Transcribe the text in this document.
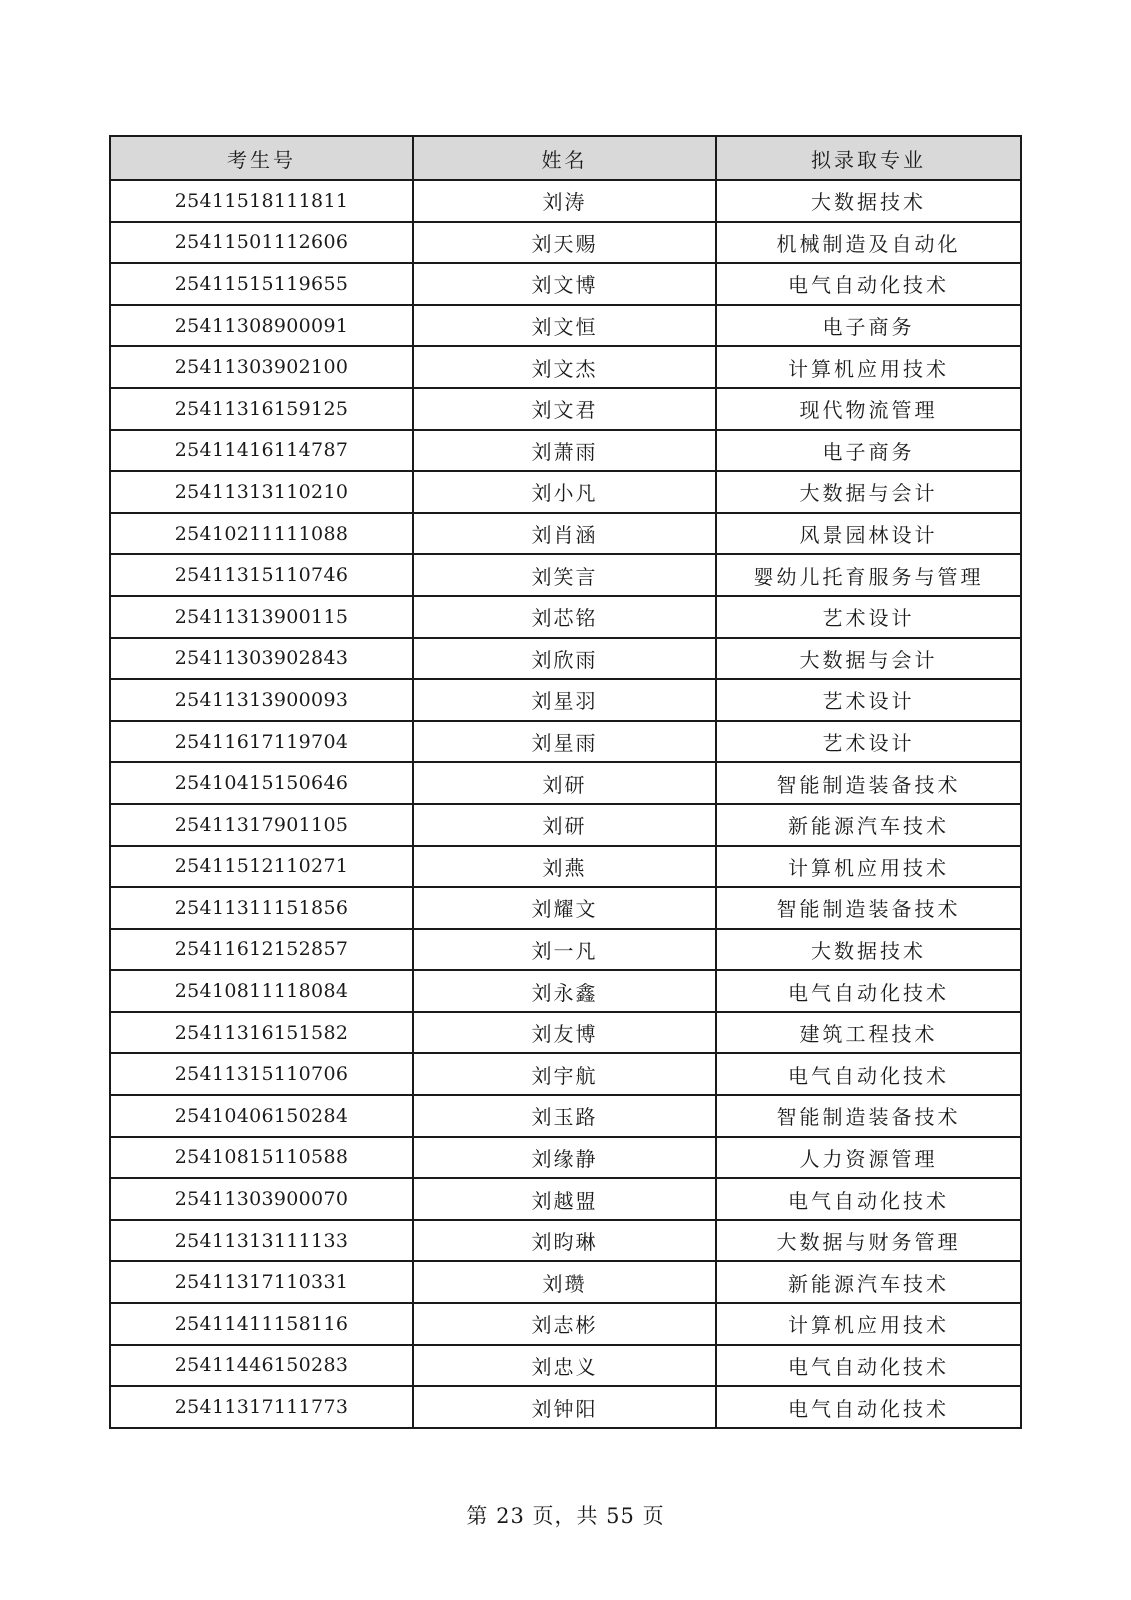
考生号	姓名	拟录取专业
25411518111811	刘涛	大数据技术
25411501112606	刘天赐	机械制造及自动化
25411515119655	刘文博	电气自动化技术
25411308900091	刘文恒	电子商务
25411303902100	刘文杰	计算机应用技术
25411316159125	刘文君	现代物流管理
25411416114787	刘萧雨	电子商务
25411313110210	刘小凡	大数据与会计
25410211111088	刘肖涵	风景园林设计
25411315110746	刘笑言	婴幼儿托育服务与管理
25411313900115	刘芯铭	艺术设计
25411303902843	刘欣雨	大数据与会计
25411313900093	刘星羽	艺术设计
25411617119704	刘星雨	艺术设计
25410415150646	刘研	智能制造装备技术
25411317901105	刘研	新能源汽车技术
25411512110271	刘燕	计算机应用技术
25411311151856	刘耀文	智能制造装备技术
25411612152857	刘一凡	大数据技术
25410811118084	刘永鑫	电气自动化技术
25411316151582	刘友博	建筑工程技术
25411315110706	刘宇航	电气自动化技术
25410406150284	刘玉路	智能制造装备技术
25410815110588	刘缘静	人力资源管理
25411303900070	刘越盟	电气自动化技术
25411313111133	刘昀琳	大数据与财务管理
25411317110331	刘瓒	新能源汽车技术
25411411158116	刘志彬	计算机应用技术
25411446150283	刘忠义	电气自动化技术
25411317111773	刘钟阳	电气自动化技术
第 23 页，共 55 页
